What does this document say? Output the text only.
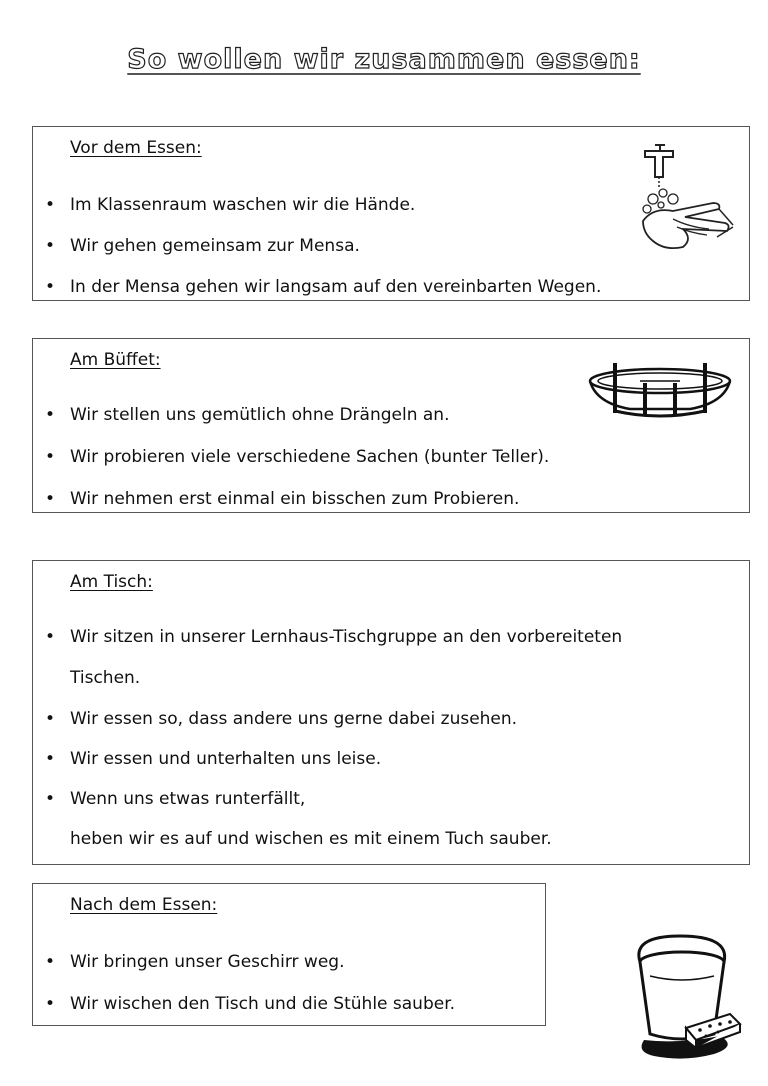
So wollen wir zusammen essen:
Vor dem Essen:
• Im Klassenraum waschen wir die Hände.
• Wir gehen gemeinsam zur Mensa.
• In der Mensa gehen wir langsam auf den vereinbarten Wegen.
Am Büffet:
• Wir stellen uns gemütlich ohne Drängeln an.
• Wir probieren viele verschiedene Sachen (bunter Teller).
• Wir nehmen erst einmal ein bisschen zum Probieren.
Am Tisch:
• Wir sitzen in unserer Lernhaus-Tischgruppe an den vorbereiteten
Tischen.
• Wir essen so, dass andere uns gerne dabei zusehen.
• Wir essen und unterhalten uns leise.
• Wenn uns etwas runterfällt,
heben wir es auf und wischen es mit einem Tuch sauber.
Nach dem Essen:
• Wir bringen unser Geschirr weg.
• Wir wischen den Tisch und die Stühle sauber.
